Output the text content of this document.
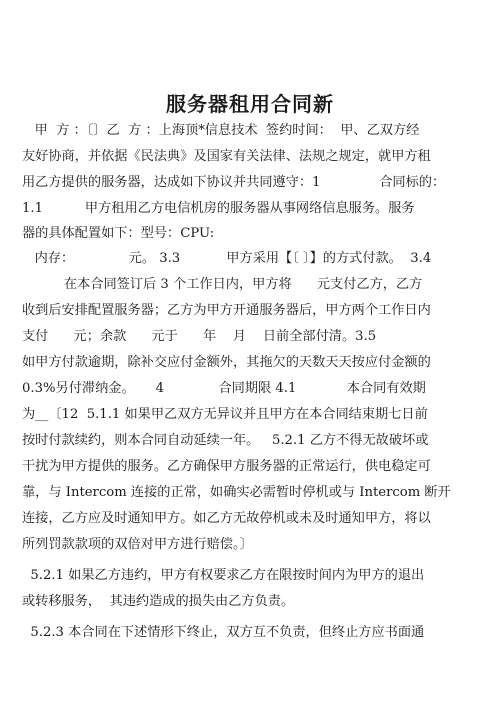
服务器租用合同新
甲  方 ：〔〕乙  方 ：上海顶*信息技术  签约时间：  甲、乙双方经
友好协商，并依据《民法典》及国家有关法律、法规之规定，就甲方租
用乙方提供的服务器，达成如下协议并共同遵守：1              合同标的：
1.1          甲方租用乙方电信机房的服务器从事网络信息服务。服务
器的具体配置如下：型号：CPU:
内存：             元。 3.3           甲方采用【〔 〕】的方式付款。  3.4
在本合同签订后 3 个工作日内，甲方将      元支付乙方，乙方
收到后安排配置服务器；乙方为甲方开通服务器后，甲方两个工作日内
支付      元；余款      元于      年    月    日前全部付清。3.5
如甲方付款逾期，除补交应付金额外，其拖欠的天数天天按应付金额的
0.3%另付滞纳金。     4             合同期限 4.1            本合同有效期
为__〔12  5.1.1 如果甲乙双方无异议并且甲方在本合同结束期七日前
按时付款续约，则本合同自动延续一年。   5.2.1 乙方不得无故破坏或
干扰为甲方提供的服务。乙方确保甲方服务器的正常运行，供电稳定可
靠，与 Intercom 连接的正常，如确实必需暂时停机或与 Intercom 断开
连接，乙方应及时通知甲方。如乙方无故停机或未及时通知甲方，将以
所列罚款款项的双倍对甲方进行赔偿。〕
5.2.1 如果乙方违约，甲方有权要求乙方在限按时间内为甲方的退出
或转移服务，  其违约造成的损失由乙方负责。
5.2.3 本合同在下述情形下终止，双方互不负责，但终止方应书面通
